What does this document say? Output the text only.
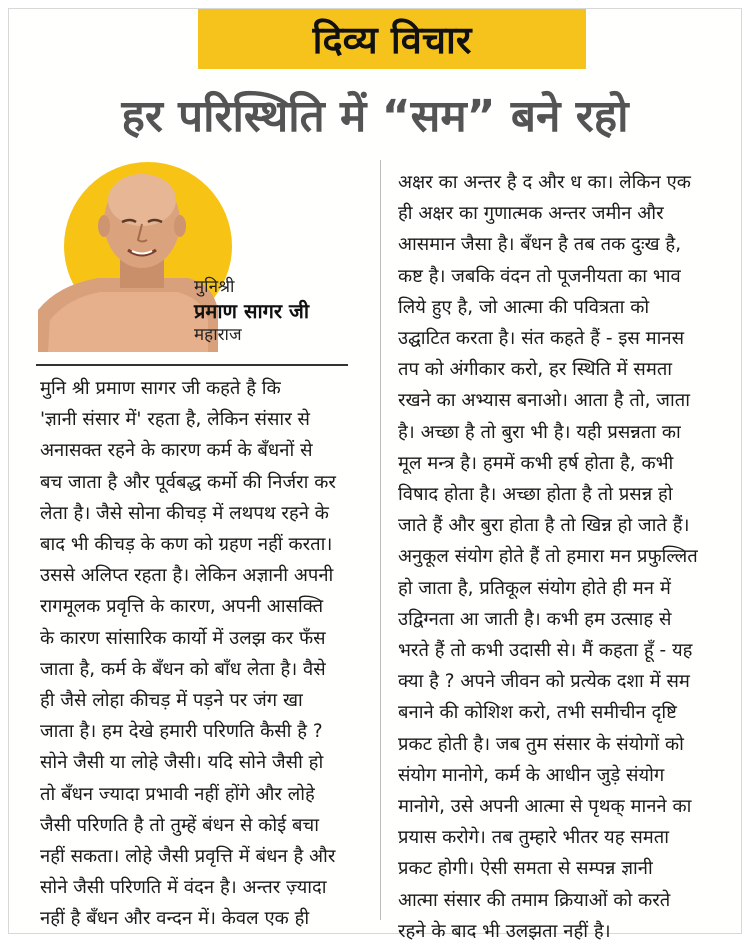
दिव्य विचार
हर परिस्थिति में “सम” बने रहो
मुनिश्री
प्रमाण सागर जी
महाराज
मुनि श्री प्रमाण सागर जी कहते है कि
'ज्ञानी संसार में' रहता है, लेकिन संसार से
अनासक्त रहने के कारण कर्म के बँधनों से
बच जाता है और पूर्वबद्ध कर्मो की निर्जरा कर
लेता है। जैसे सोना कीचड़ में लथपथ रहने के
बाद भी कीचड़ के कण को ग्रहण नहीं करता।
उससे अलिप्त रहता है। लेकिन अज्ञानी अपनी
रागमूलक प्रवृत्ति के कारण, अपनी आसक्ति
के कारण सांसारिक कार्यो में उलझ कर फँस
जाता है, कर्म के बँधन को बाँध लेता है। वैसे
ही जैसे लोहा कीचड़ में पड़ने पर जंग खा
जाता है। हम देखे हमारी परिणति कैसी है ?
सोने जैसी या लोहे जैसी। यदि सोने जैसी हो
तो बँधन ज्यादा प्रभावी नहीं होंगे और लोहे
जैसी परिणति है तो तुम्हें बंधन से कोई बचा
नहीं सकता। लोहे जैसी प्रवृत्ति में बंधन है और
सोने जैसी परिणति में वंदन है। अन्तर ज़्यादा
नहीं है बँधन और वन्दन में। केवल एक ही
अक्षर का अन्तर है द और ध का। लेकिन एक
ही अक्षर का गुणात्मक अन्तर जमीन और
आसमान जैसा है। बँधन है तब तक दुःख है,
कष्ट है। जबकि वंदन तो पूजनीयता का भाव
लिये हुए है, जो आत्मा की पवित्रता को
उद्घाटित करता है। संत कहते हैं - इस मानस
तप को अंगीकार करो, हर स्थिति में समता
रखने का अभ्यास बनाओ। आता है तो, जाता
है। अच्छा है तो बुरा भी है। यही प्रसन्नता का
मूल मन्त्र है। हममें कभी हर्ष होता है, कभी
विषाद होता है। अच्छा होता है तो प्रसन्न हो
जाते हैं और बुरा होता है तो खिन्न हो जाते हैं।
अनुकूल संयोग होते हैं तो हमारा मन प्रफुल्लित
हो जाता है, प्रतिकूल संयोग होते ही मन में
उद्विग्नता आ जाती है। कभी हम उत्साह से
भरते हैं तो कभी उदासी से। मैं कहता हूँ - यह
क्या है ? अपने जीवन को प्रत्येक दशा में सम
बनाने की कोशिश करो, तभी समीचीन दृष्टि
प्रकट होती है। जब तुम संसार के संयोगों को
संयोग मानोगे, कर्म के आधीन जुड़े संयोग
मानोगे, उसे अपनी आत्मा से पृथक् मानने का
प्रयास करोगे। तब तुम्हारे भीतर यह समता
प्रकट होगी। ऐसी समता से सम्पन्न ज्ञानी
आत्मा संसार की तमाम क्रियाओं को करते
रहने के बाद भी उलझता नहीं है।
